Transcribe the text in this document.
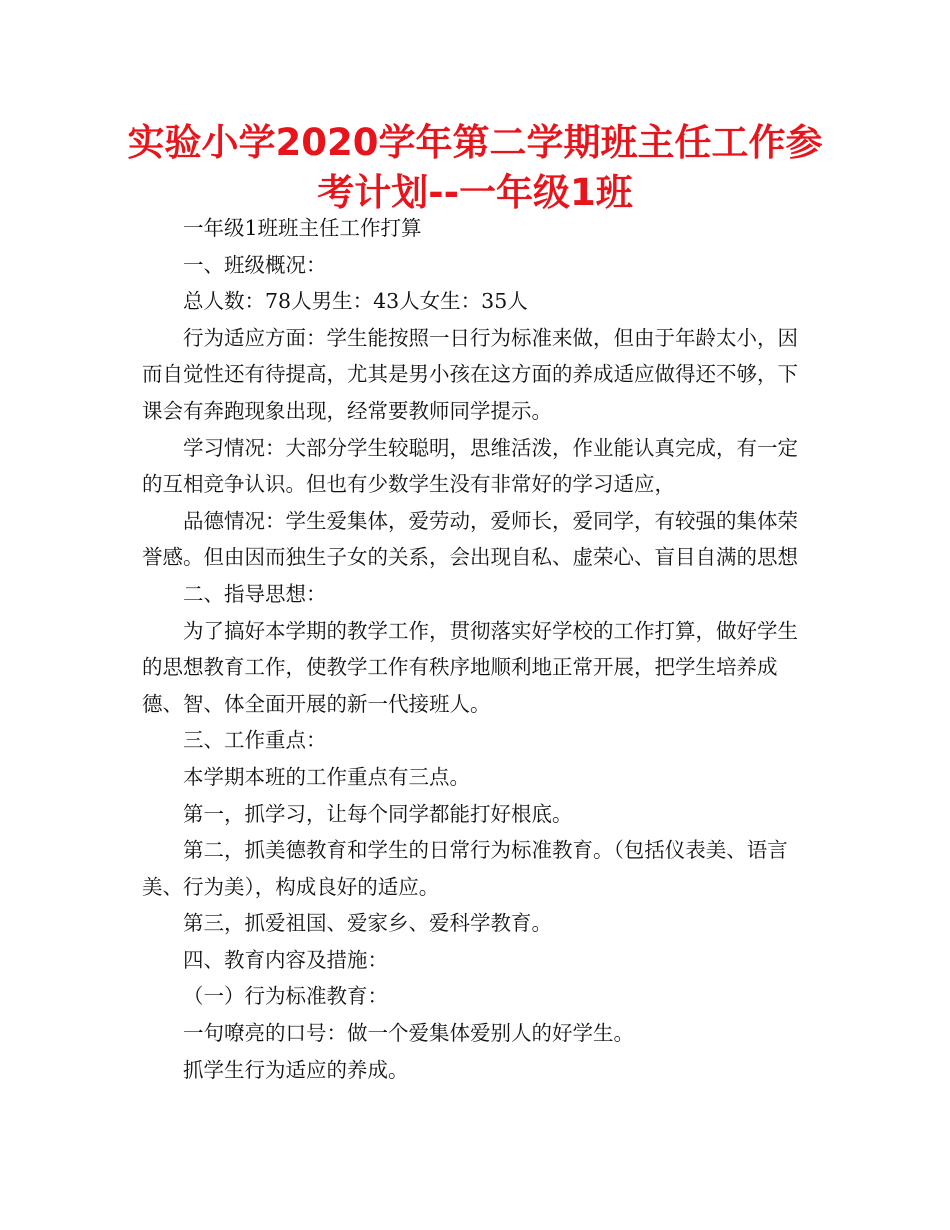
实验小学2020学年第二学期班主任工作参考计划--一年级1班

一年级1班班主任工作打算

一、班级概况：

总人数：78人男生：43人女生：35人

行为适应方面：学生能按照一日行为标准来做，但由于年龄太小，因而自觉性还有待提高，尤其是男小孩在这方面的养成适应做得还不够，下课会有奔跑现象出现，经常要教师同学提示。

学习情况：大部分学生较聪明，思维活泼，作业能认真完成，有一定的互相竞争认识。但也有少数学生没有非常好的学习适应，

品德情况：学生爱集体，爱劳动，爱师长，爱同学，有较强的集体荣誉感。但由因而独生子女的关系，会出现自私、虚荣心、盲目自满的思想

二、指导思想：

为了搞好本学期的教学工作，贯彻落实好学校的工作打算，做好学生的思想教育工作，使教学工作有秩序地顺利地正常开展，把学生培养成德、智、体全面开展的新一代接班人。

三、工作重点：

本学期本班的工作重点有三点。

第一，抓学习，让每个同学都能打好根底。

第二，抓美德教育和学生的日常行为标准教育。（包括仪表美、语言美、行为美），构成良好的适应。

第三，抓爱祖国、爱家乡、爱科学教育。

四、教育内容及措施：

（一）行为标准教育：

一句嘹亮的口号：做一个爱集体爱别人的好学生。

抓学生行为适应的养成。
